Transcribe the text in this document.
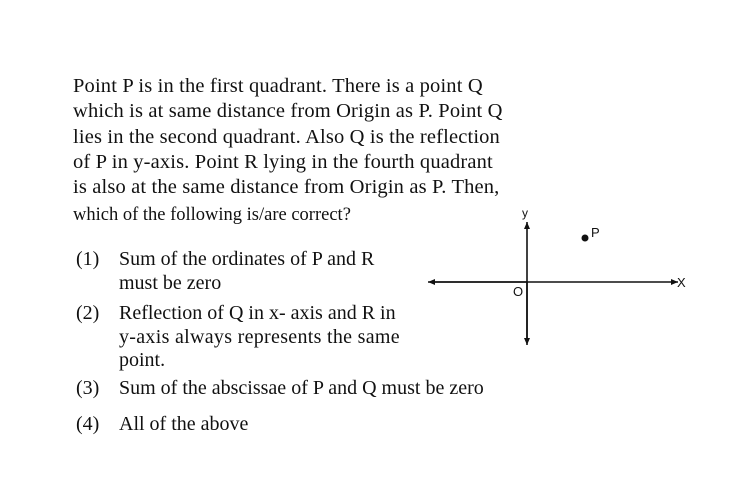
Point P is in the first quadrant. There is a point Q
which is at same distance from Origin as P. Point Q
lies in the second quadrant. Also Q is the reflection
of P in y-axis. Point R lying in the fourth quadrant
is also at the same distance from Origin as P. Then,
which of the following is/are correct?
(1) Sum of the ordinates of P and R
must be zero
(2) Reflection of Q in x- axis and R in
y-axis always represents the same
point.
(3) Sum of the abscissae of P and Q must be zero
(4) All of the above
y
X
O
P
